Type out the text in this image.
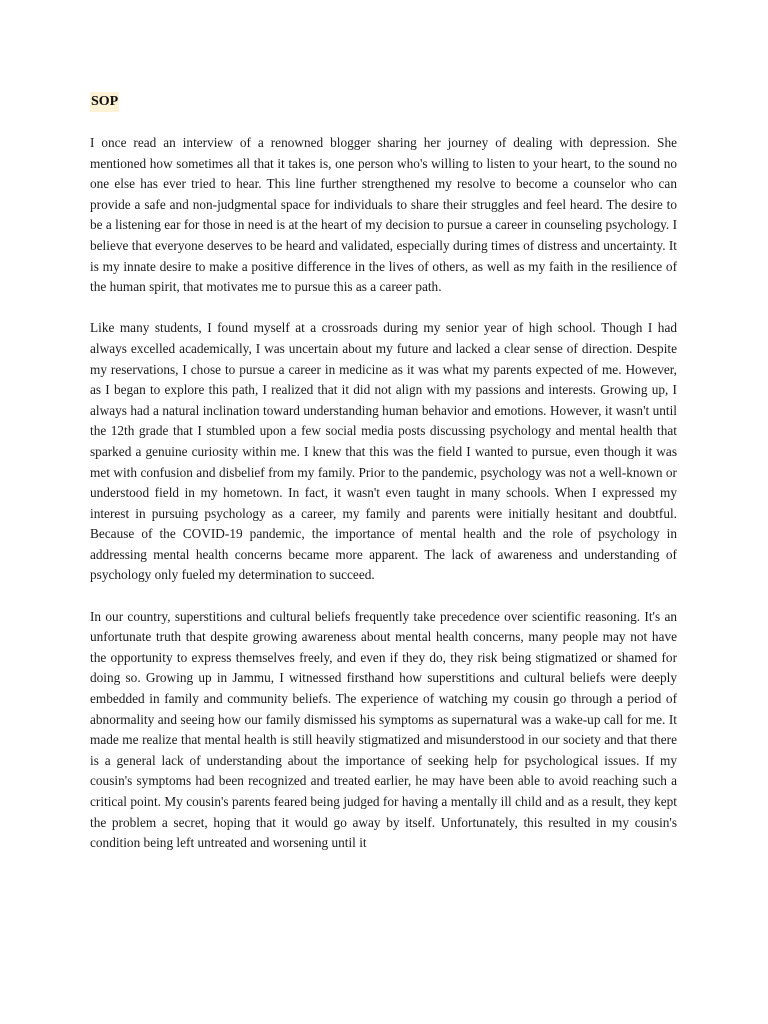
SOP

I once read an interview of a renowned blogger sharing her journey of dealing with depression. She mentioned how sometimes all that it takes is, one person who's willing to listen to your heart, to the sound no one else has ever tried to hear. This line further strengthened my resolve to become a counselor who can provide a safe and non-judgmental space for individuals to share their struggles and feel heard. The desire to be a listening ear for those in need is at the heart of my decision to pursue a career in counseling psychology. I believe that everyone deserves to be heard and validated, especially during times of distress and uncertainty. It is my innate desire to make a positive difference in the lives of others, as well as my faith in the resilience of the human spirit, that motivates me to pursue this as a career path.

Like many students, I found myself at a crossroads during my senior year of high school. Though I had always excelled academically, I was uncertain about my future and lacked a clear sense of direction. Despite my reservations, I chose to pursue a career in medicine as it was what my parents expected of me. However, as I began to explore this path, I realized that it did not align with my passions and interests. Growing up, I always had a natural inclination toward understanding human behavior and emotions. However, it wasn't until the 12th grade that I stumbled upon a few social media posts discussing psychology and mental health that sparked a genuine curiosity within me. I knew that this was the field I wanted to pursue, even though it was met with confusion and disbelief from my family. Prior to the pandemic, psychology was not a well-known or understood field in my hometown. In fact, it wasn't even taught in many schools. When I expressed my interest in pursuing psychology as a career, my family and parents were initially hesitant and doubtful. Because of the COVID-19 pandemic, the importance of mental health and the role of psychology in addressing mental health concerns became more apparent. The lack of awareness and understanding of psychology only fueled my determination to succeed.

In our country, superstitions and cultural beliefs frequently take precedence over scientific reasoning. It's an unfortunate truth that despite growing awareness about mental health concerns, many people may not have the opportunity to express themselves freely, and even if they do, they risk being stigmatized or shamed for doing so. Growing up in Jammu, I witnessed firsthand how superstitions and cultural beliefs were deeply embedded in family and community beliefs. The experience of watching my cousin go through a period of abnormality and seeing how our family dismissed his symptoms as supernatural was a wake-up call for me. It made me realize that mental health is still heavily stigmatized and misunderstood in our society and that there is a general lack of understanding about the importance of seeking help for psychological issues. If my cousin's symptoms had been recognized and treated earlier, he may have been able to avoid reaching such a critical point. My cousin's parents feared being judged for having a mentally ill child and as a result, they kept the problem a secret, hoping that it would go away by itself. Unfortunately, this resulted in my cousin's condition being left untreated and worsening until it
